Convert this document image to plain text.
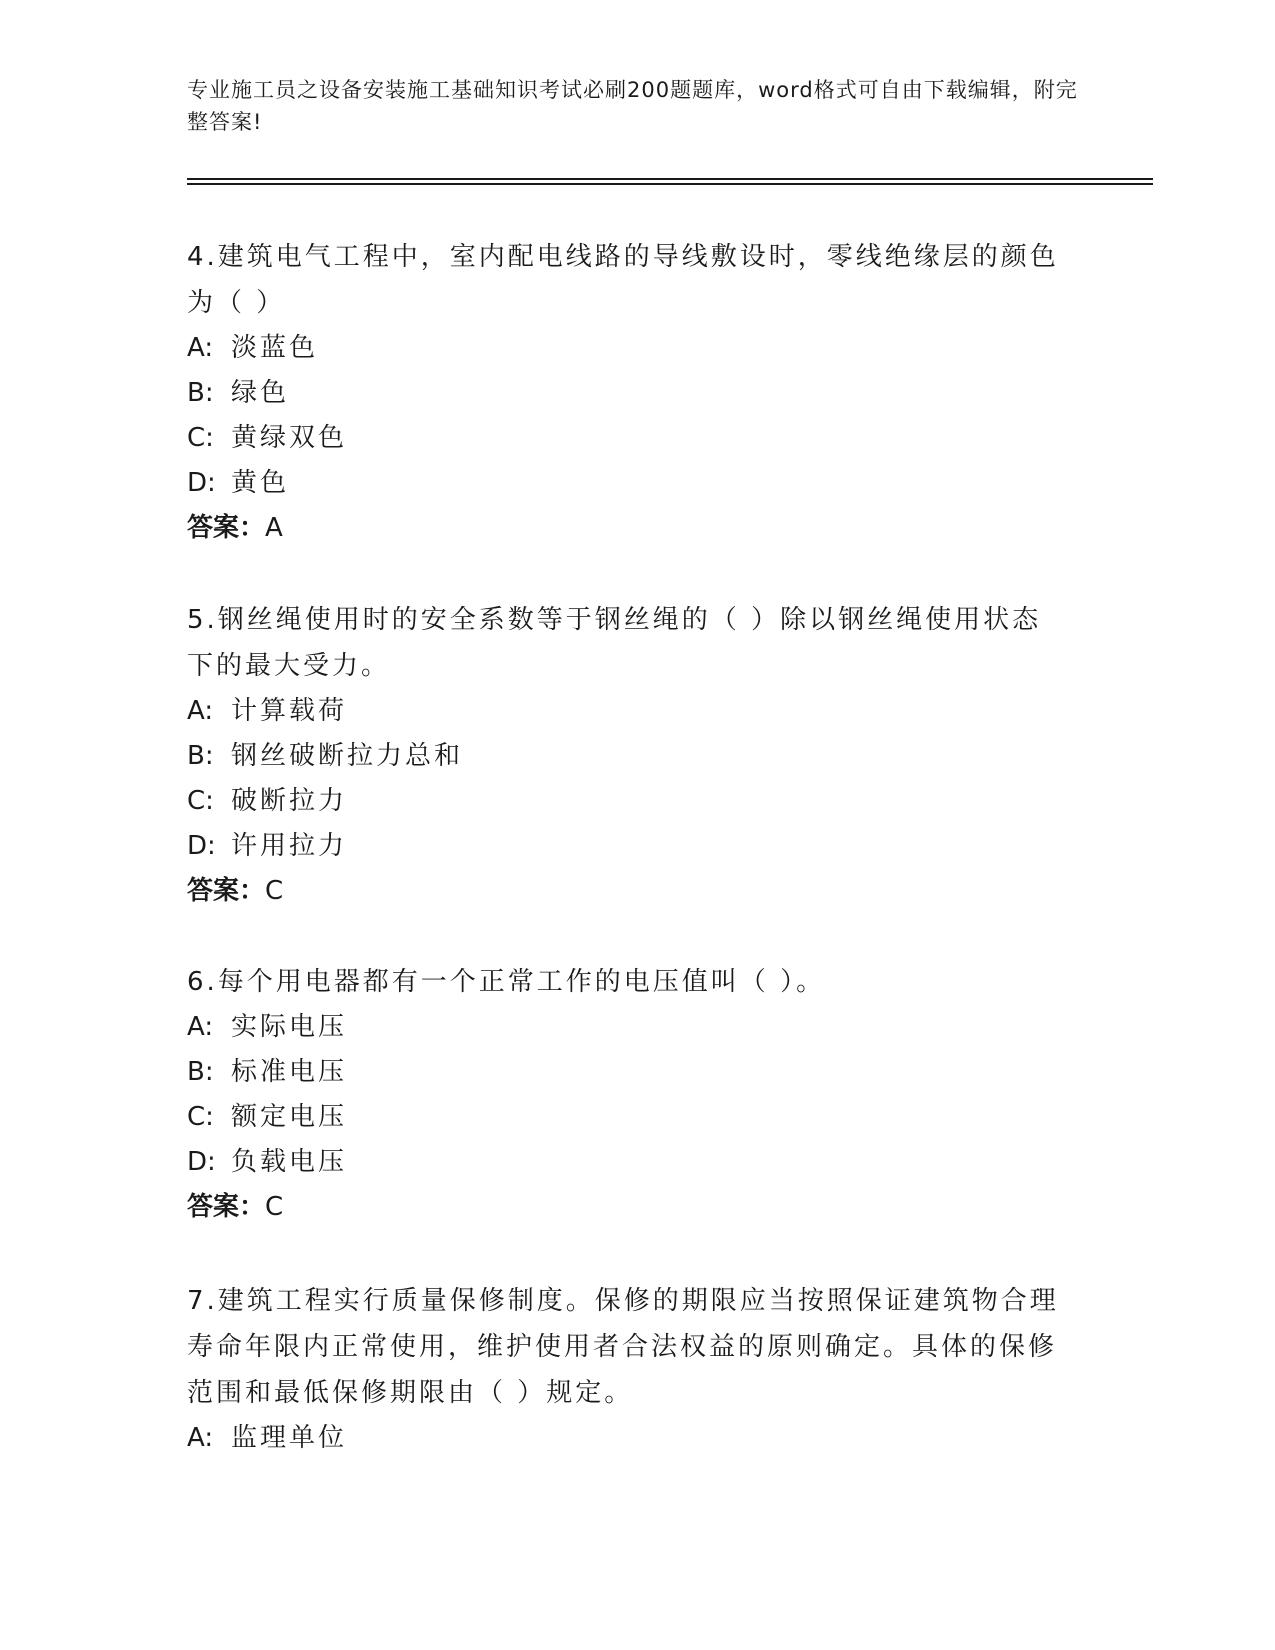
专业施工员之设备安装施工基础知识考试必刷200题题库，word格式可自由下载编辑，附完整答案!

4.建筑电气工程中，室内配电线路的导线敷设时，零线绝缘层的颜色为（ ）

A: 淡蓝色

B: 绿色

C: 黄绿双色

D: 黄色

答案：A

5.钢丝绳使用时的安全系数等于钢丝绳的（ ）除以钢丝绳使用状态下的最大受力。

A: 计算载荷

B: 钢丝破断拉力总和

C: 破断拉力

D: 许用拉力

答案：C

6.每个用电器都有一个正常工作的电压值叫（ ）。

A: 实际电压

B: 标准电压

C: 额定电压

D: 负载电压

答案：C

7.建筑工程实行质量保修制度。保修的期限应当按照保证建筑物合理寿命年限内正常使用，维护使用者合法权益的原则确定。具体的保修范围和最低保修期限由（ ）规定。

A: 监理单位
